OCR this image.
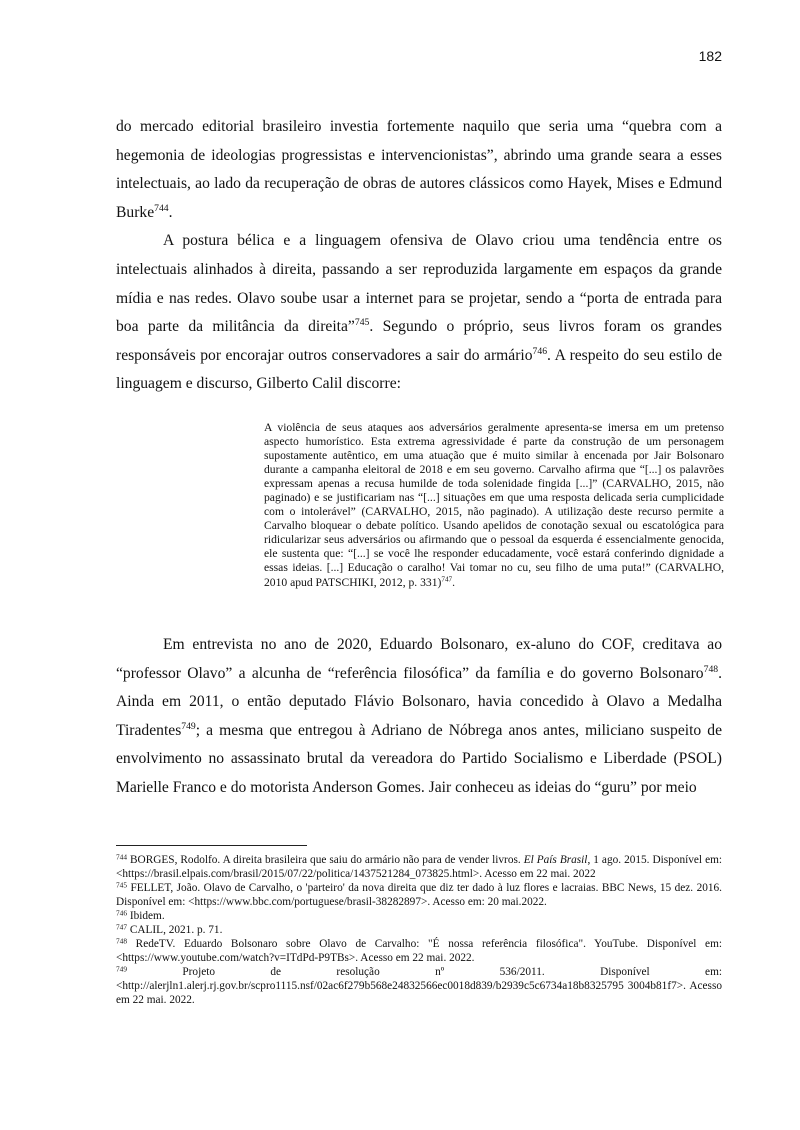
182

do mercado editorial brasileiro investia fortemente naquilo que seria uma “quebra com a hegemonia de ideologias progressistas e intervencionistas”, abrindo uma grande seara a esses intelectuais, ao lado da recuperação de obras de autores clássicos como Hayek, Mises e Edmund Burke$^{744}$.

A postura bélica e a linguagem ofensiva de Olavo criou uma tendência entre os intelectuais alinhados à direita, passando a ser reproduzida largamente em espaços da grande mídia e nas redes. Olavo soube usar a internet para se projetar, sendo a “porta de entrada para boa parte da militância da direita”$^{745}$. Segundo o próprio, seus livros foram os grandes responsáveis por encorajar outros conservadores a sair do armário$^{746}$. A respeito do seu estilo de linguagem e discurso, Gilberto Calil discorre:

A violência de seus ataques aos adversários geralmente apresenta-se imersa em um pretenso aspecto humorístico. Esta extrema agressividade é parte da construção de um personagem supostamente autêntico, em uma atuação que é muito similar à encenada por Jair Bolsonaro durante a campanha eleitoral de 2018 e em seu governo. Carvalho afirma que “[...] os palavrões expressam apenas a recusa humilde de toda solenidade fingida [...]” (CARVALHO, 2015, não paginado) e se justificariam nas “[...] situações em que uma resposta delicada seria cumplicidade com o intolerável” (CARVALHO, 2015, não paginado). A utilização deste recurso permite a Carvalho bloquear o debate político. Usando apelidos de conotação sexual ou escatológica para ridicularizar seus adversários ou afirmando que o pessoal da esquerda é essencialmente genocida, ele sustenta que: “[...] se você lhe responder educadamente, você estará conferindo dignidade a essas ideias. [...] Educação o caralho! Vai tomar no cu, seu filho de uma puta!” (CARVALHO, 2010 apud PATSCHIKI, 2012, p. 331)$^{747}$.

Em entrevista no ano de 2020, Eduardo Bolsonaro, ex-aluno do COF, creditava ao “professor Olavo” a alcunha de “referência filosófica” da família e do governo Bolsonaro$^{748}$. Ainda em 2011, o então deputado Flávio Bolsonaro, havia concedido à Olavo a Medalha Tiradentes$^{749}$; a mesma que entregou à Adriano de Nóbrega anos antes, miliciano suspeito de envolvimento no assassinato brutal da vereadora do Partido Socialismo e Liberdade (PSOL) Marielle Franco e do motorista Anderson Gomes. Jair conheceu as ideias do “guru” por meio

$^{744}$ BORGES, Rodolfo. A direita brasileira que saiu do armário não para de vender livros. El País Brasil, 1 ago. 2015. Disponível em: <https://brasil.elpais.com/brasil/2015/07/22/politica/1437521284_073825.html>. Acesso em 22 mai. 2022

$^{745}$ FELLET, João. Olavo de Carvalho, o 'parteiro' da nova direita que diz ter dado à luz flores e lacraias. BBC News, 15 dez. 2016. Disponível em: <https://www.bbc.com/portuguese/brasil-38282897>. Acesso em: 20 mai.2022.

$^{746}$ Ibidem.

$^{747}$ CALIL, 2021. p. 71.

$^{748}$ RedeTV. Eduardo Bolsonaro sobre Olavo de Carvalho: "É nossa referência filosófica". YouTube. Disponível em: <https://www.youtube.com/watch?v=ITdPd-P9TBs>. Acesso em 22 mai. 2022.

$^{749}$ Projeto de resolução nº 536/2011. Disponível em:

<http://alerjln1.alerj.rj.gov.br/scpro1115.nsf/02ac6f279b568e24832566ec0018d839/b2939c5c6734a18b8325795 3004b81f7>. Acesso em 22 mai. 2022.
